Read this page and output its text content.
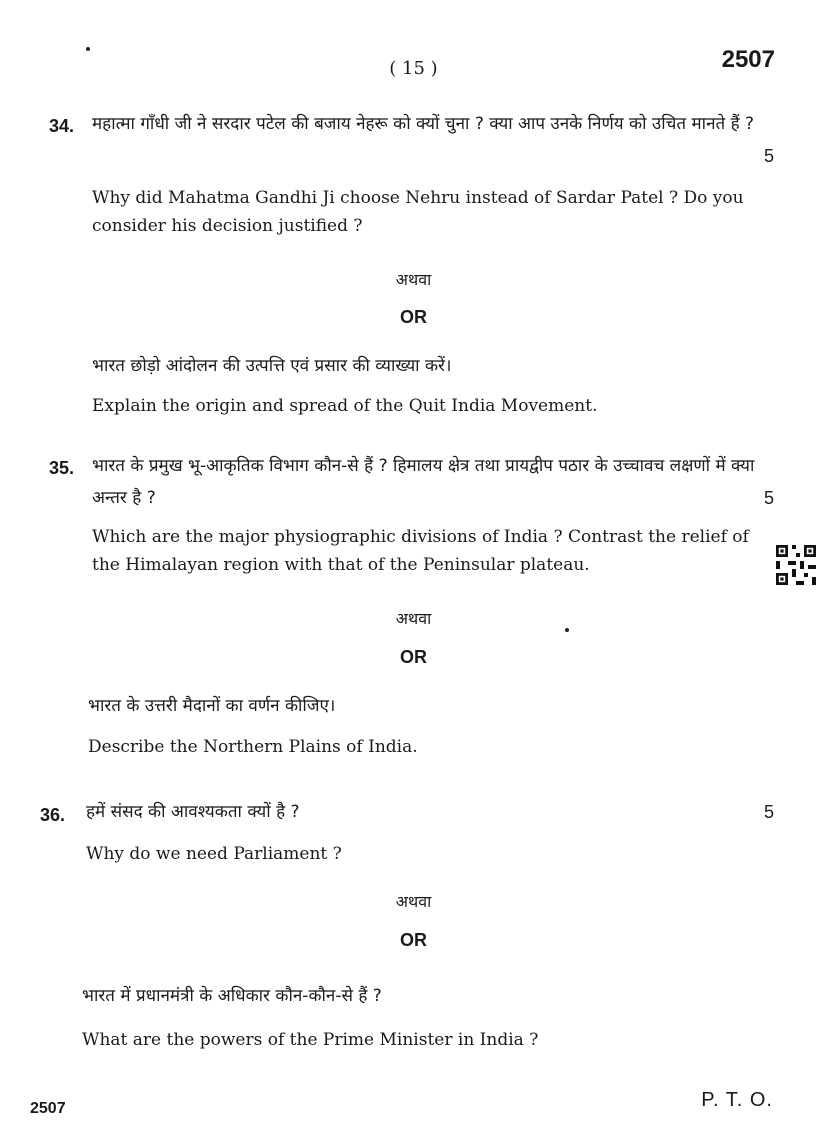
( 15 )	2507
34. महात्मा गाँधी जी ने सरदार पटेल की बजाय नेहरू को क्यों चुना ? क्या आप उनके निर्णय को उचित मानते हैं ?
5
Why did Mahatma Gandhi Ji choose Nehru instead of Sardar Patel ? Do you consider his decision justified ?
अथवा
OR
भारत छोड़ो आंदोलन की उत्पत्ति एवं प्रसार की व्याख्या करें।
Explain the origin and spread of the Quit India Movement.
35. भारत के प्रमुख भू-आकृतिक विभाग कौन-से हैं ? हिमालय क्षेत्र तथा प्रायद्वीप पठार के उच्चावच लक्षणों में क्या अन्तर है ?	5
Which are the major physiographic divisions of India ? Contrast the relief of the Himalayan region with that of the Peninsular plateau.
अथवा
OR
भारत के उत्तरी मैदानों का वर्णन कीजिए।
Describe the Northern Plains of India.
36. हमें संसद की आवश्यकता क्यों है ?	5
Why do we need Parliament ?
अथवा
OR
भारत में प्रधानमंत्री के अधिकार कौन-कौन-से हैं ?
What are the powers of the Prime Minister in India ?
2507	P. T. O.
